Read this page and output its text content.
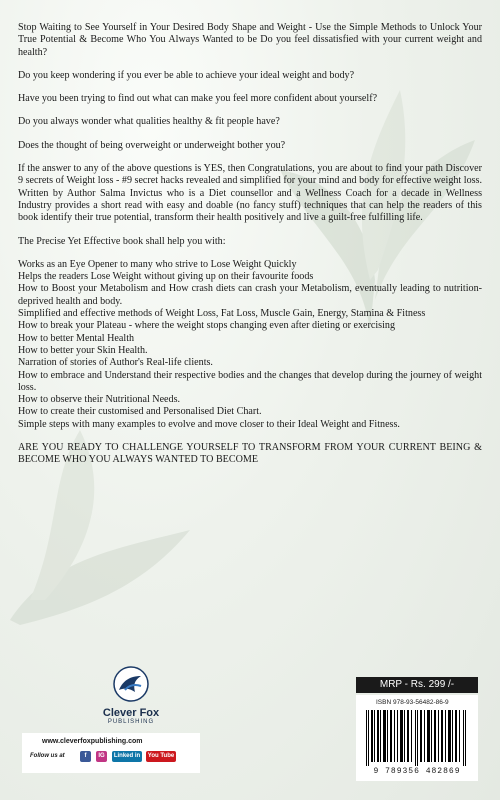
Stop Waiting to See Yourself in Your Desired Body Shape and Weight - Use the Simple Methods to Unlock Your True Potential & Become Who You Always Wanted to be Do you feel dissatisfied with your current weight and health?

Do you keep wondering if you ever be able to achieve your ideal weight and body?

Have you been trying to find out what can make you feel more confident about yourself?

Do you always wonder what qualities healthy & fit people have?

Does the thought of being overweight or underweight bother you?

If the answer to any of the above questions is YES, then Congratulations, you are about to find your path Discover 9 secrets of Weight loss - #9 secret hacks revealed and simplified for your mind and body for effective weight loss. Written by Author Salma Invictus who is a Diet counsellor and a Wellness Coach for a decade in Wellness Industry provides a short read with easy and doable (no fancy stuff) techniques that can help the readers of this book identify their true potential, transform their health positively and live a guilt-free fulfilling life.

The Precise Yet Effective book shall help you with:

Works as an Eye Opener to many who strive to Lose Weight Quickly

Helps the readers Lose Weight without giving up on their favourite foods

How to Boost your Metabolism and How crash diets can crash your Metabolism, eventually leading to nutrition-deprived health and body.

Simplified and effective methods of Weight Loss, Fat Loss, Muscle Gain, Energy, Stamina & Fitness

How to break your Plateau - where the weight stops changing even after dieting or exercising

How to better Mental Health

How to better your Skin Health.

Narration of stories of Author's Real-life clients.

How to embrace and Understand their respective bodies and the changes that develop during the journey of weight loss.

How to observe their Nutritional Needs.

How to create their customised and Personalised Diet Chart.

Simple steps with many examples to evolve and move closer to their Ideal Weight and Fitness.

ARE YOU READY TO CHALLENGE YOURSELF TO TRANSFORM FROM YOUR CURRENT BEING & BECOME WHO YOU ALWAYS WANTED TO BECOME

Clever Fox
PUBLISHING
www.cleverfoxpublishing.com
Follow us at	f	IG	Linked in	You Tube
MRP - Rs. 299 /-
ISBN 978-93-56482-86-9
9 789356 482869
